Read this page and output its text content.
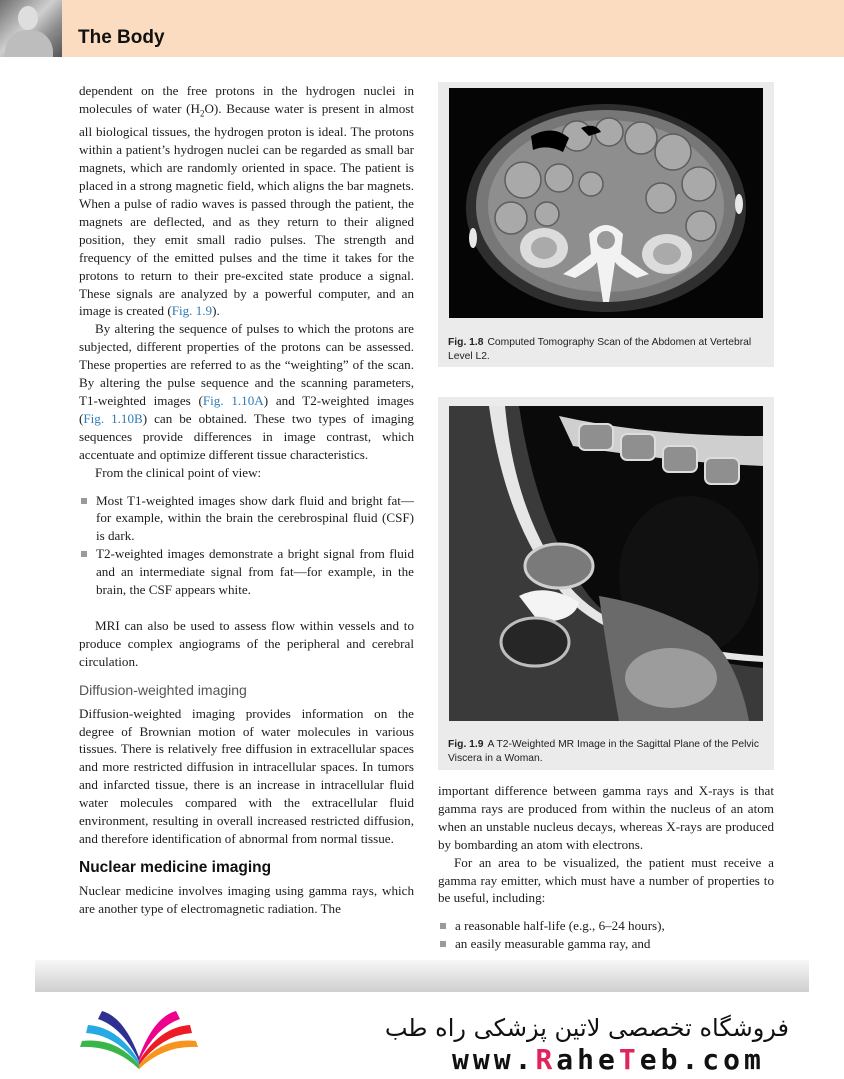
The Body

dependent on the free protons in the hydrogen nuclei in molecules of water $(H_2O)$. Because water is present in almost all biological tissues, the hydrogen proton is ideal. The protons within a patient’s hydrogen nuclei can be regarded as small bar magnets, which are randomly oriented in space. The patient is placed in a strong magnetic field, which aligns the bar magnets. When a pulse of radio waves is passed through the patient, the magnets are deflected, and as they return to their aligned position, they emit small radio pulses. The strength and frequency of the emitted pulses and the time it takes for the protons to return to their pre-excited state produce a signal. These signals are analyzed by a powerful computer, and an image is created (Fig. 1.9).

By altering the sequence of pulses to which the protons are subjected, different properties of the protons can be assessed. These properties are referred to as the “weighting” of the scan. By altering the pulse sequence and the scanning parameters, T1-weighted images (Fig. 1.10A) and T2-weighted images (Fig. 1.10B) can be obtained. These two types of imaging sequences provide differences in image contrast, which accentuate and optimize different tissue characteristics.

From the clinical point of view:

Most T1-weighted images show dark fluid and bright fat—for example, within the brain the cerebrospinal fluid (CSF) is dark.
T2-weighted images demonstrate a bright signal from fluid and an intermediate signal from fat—for example, in the brain, the CSF appears white.

MRI can also be used to assess flow within vessels and to produce complex angiograms of the peripheral and cerebral circulation.

Diffusion-weighted imaging

Diffusion-weighted imaging provides information on the degree of Brownian motion of water molecules in various tissues. There is relatively free diffusion in extracellular spaces and more restricted diffusion in intracellular spaces. In tumors and infarcted tissue, there is an increase in intracellular fluid water molecules compared with the extracellular fluid environment, resulting in overall increased restricted diffusion, and therefore identification of abnormal from normal tissue.

Nuclear medicine imaging

Nuclear medicine involves imaging using gamma rays, which are another type of electromagnetic radiation. The

Fig. 1.8 Computed Tomography Scan of the Abdomen at Vertebral Level L2.
Fig. 1.9 A T2-Weighted MR Image in the Sagittal Plane of the Pelvic Viscera in a Woman.

important difference between gamma rays and X-rays is that gamma rays are produced from within the nucleus of an atom when an unstable nucleus decays, whereas X-rays are produced by bombarding an atom with electrons.

For an area to be visualized, the patient must receive a gamma ray emitter, which must have a number of properties to be useful, including:

a reasonable half-life (e.g., 6–24 hours),
an easily measurable gamma ray, and
فروشگاه تخصصی لاتین پزشکی راه طب
www.RaheTeb.com
